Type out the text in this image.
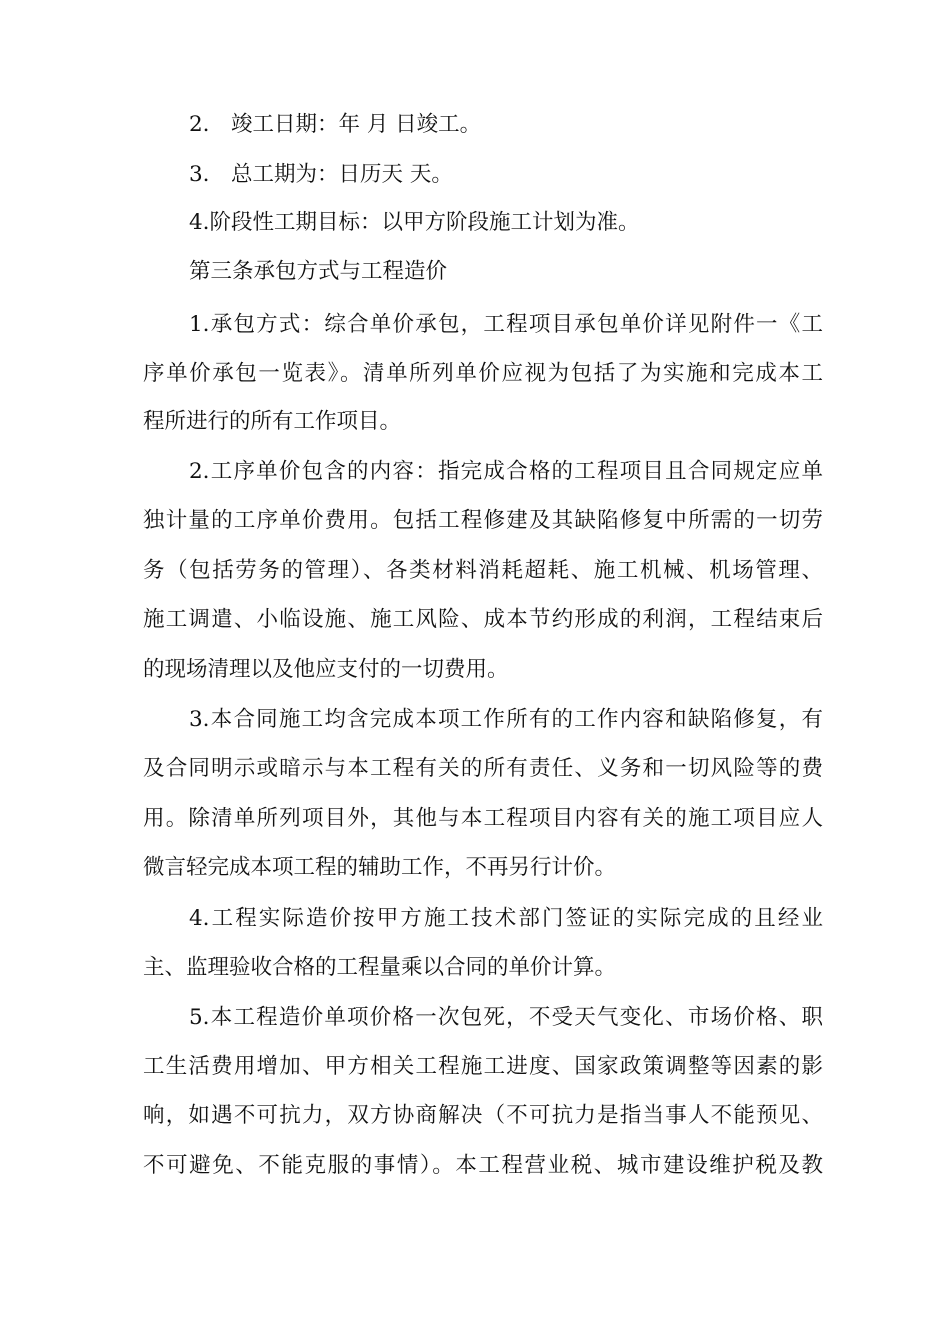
2.　竣工日期：年 月 日竣工。
3.　总工期为：日历天 天。
4.阶段性工期目标：以甲方阶段施工计划为准。
第三条承包方式与工程造价
1.承包方式：综合单价承包，工程项目承包单价详见附件一《工
序单价承包一览表》。清单所列单价应视为包括了为实施和完成本工
程所进行的所有工作项目。
2.工序单价包含的内容：指完成合格的工程项目且合同规定应单
独计量的工序单价费用。包括工程修建及其缺陷修复中所需的一切劳
务（包括劳务的管理）、各类材料消耗超耗、施工机械、机场管理、
施工调遣、小临设施、施工风险、成本节约形成的利润，工程结束后
的现场清理以及他应支付的一切费用。
3.本合同施工均含完成本项工作所有的工作内容和缺陷修复，有
及合同明示或暗示与本工程有关的所有责任、义务和一切风险等的费
用。除清单所列项目外，其他与本工程项目内容有关的施工项目应人
微言轻完成本项工程的辅助工作，不再另行计价。
4.工程实际造价按甲方施工技术部门签证的实际完成的且经业
主、监理验收合格的工程量乘以合同的单价计算。
5.本工程造价单项价格一次包死，不受天气变化、市场价格、职
工生活费用增加、甲方相关工程施工进度、国家政策调整等因素的影
响，如遇不可抗力，双方协商解决（不可抗力是指当事人不能预见、
不可避免、不能克服的事情）。本工程营业税、城市建设维护税及教
